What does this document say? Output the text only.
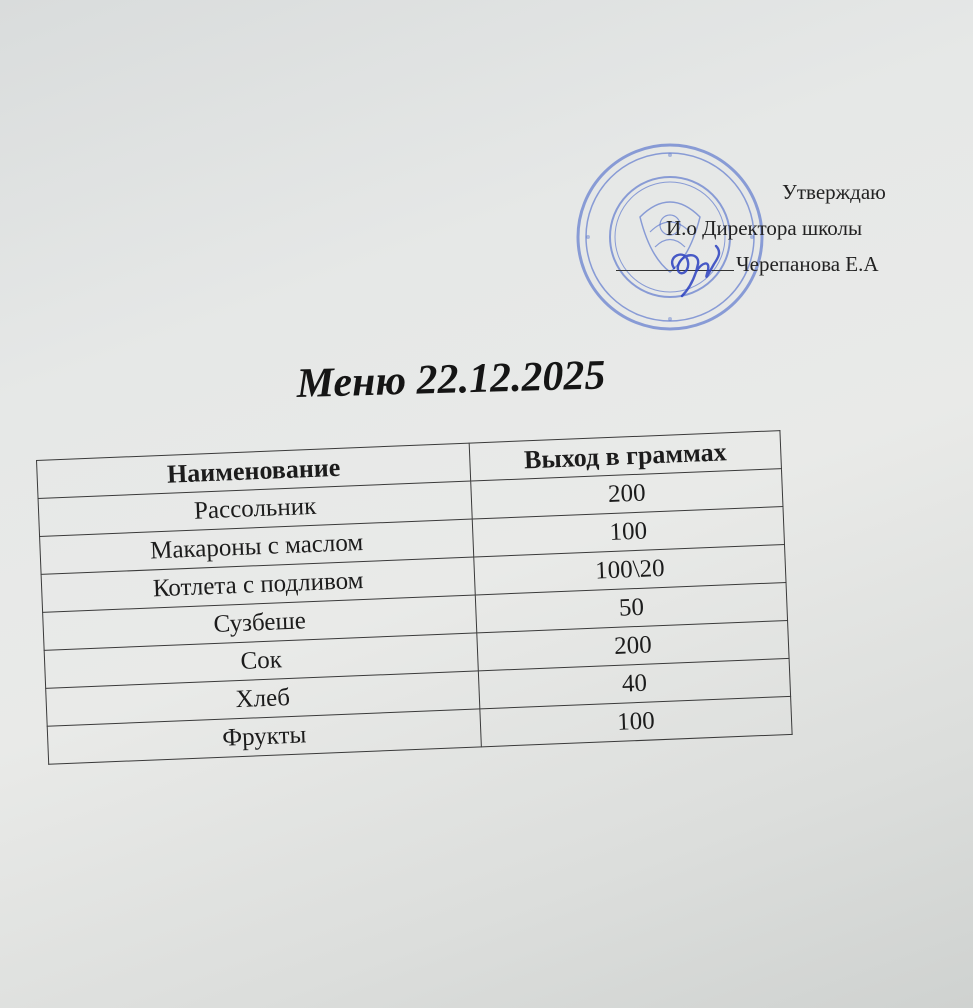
Утверждаю
И.о Директора школы
Черепанова Е.А
Меню 22.12.2025
Наименование	Выход в граммах
Рассольник	200
Макароны с маслом	100
Котлета с подливом	100\20
Сузбеше	50
Сок	200
Хлеб	40
Фрукты	100
